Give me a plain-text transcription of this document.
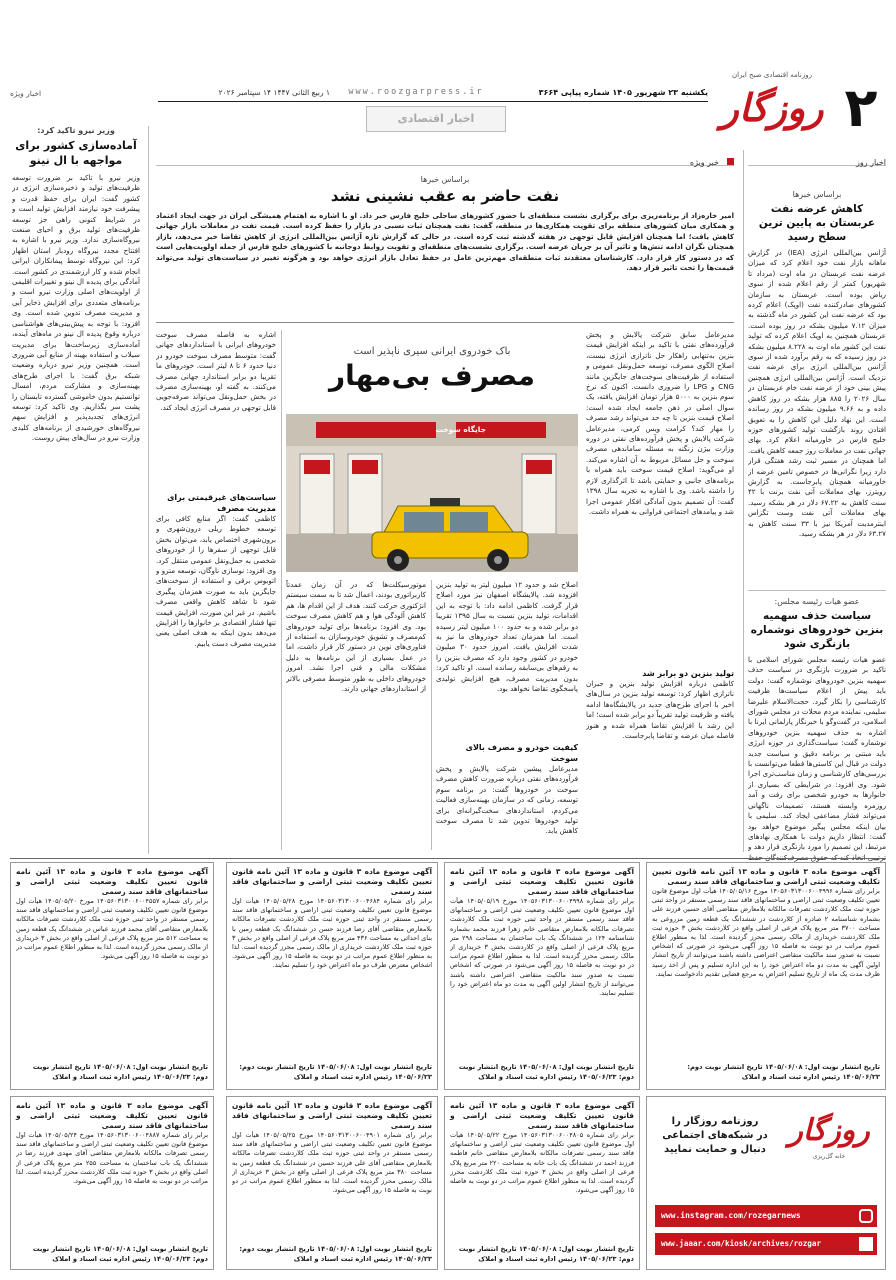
۲
روزگار
روزنامه اقتصادی صبح ایران
یکشنبه ۲۳ شهریور ۱۴۰۵ شماره پیاپی ۳۶۶۴
www.roozgarpress.ir
۱ ربیع الثانی ۱۴۴۷ ۱۴ سپتامبر ۲۰۲۶
اخبار اقتصادی
اخبار ویژه
اخبار روز
براساس خبرها
کاهش عرضه نفت عربستان به پایین ترین سطح رسید
آژانس بین‌المللی انرژی (IEA) در گزارش ماهانه بازار نفت خود اعلام کرد که میزان عرضه نفت عربستان در ماه اوت (مرداد تا شهریور) کمتر از رقم اعلام شده از سوی ریاض بوده است. عربستان به سازمان کشورهای صادرکننده نفت (اوپک) اعلام کرده بود که عرضه نفت این کشور در ماه گذشته به میزان ۷.۱۲ میلیون بشکه در روز بوده است. عربستان همچنین به اوپک اعلام کرده که تولید نفت این کشور ماه اوت به ۸.۲۲۸ میلیون بشکه در روز رسیده که به رقم برآورد شده از سوی آژانس بین‌المللی انرژی برای عرضه نفت نزدیک است. آژانس بین‌المللی انرژی همچنین پیش بینی خود از عرضه نفت خام عربستان در سال ۲۰۲۶ را ۸۸۵ هزار بشکه در روز کاهش داده و به ۹.۶۶ میلیون بشکه در روز رسانده است. این نهاد دلیل این کاهش را به تعویق افتادن روند بازگشت تولید کشورهای حوزه خلیج فارس در خاورمیانه اعلام کرد. بهای جهانی نفت در معاملات روز جمعه کاهش یافت. اما همچنان در مسیر ثبت رشد هفتگی قرار دارد زیرا نگرانی‌ها در خصوص تامین عرضه از خاورمیانه همچنان پابرجاست. به گزارش رویترز، بهای معاملات آتی نفت برنت با ۴۲ سنت کاهش به ۶۷.۲۲ دلار در هر بشکه رسید. بهای معاملات آتی نفت وست تگزاس اینترمدیت آمریکا نیز با ۳۳ سنت کاهش به ۶۳.۲۷ دلار در هر بشکه رسید.
عضو هیات رئیسه مجلس:
سیاست حذف سهمیه بنزین خودروهای نوشماره بازنگری شود
عضو هیات رئیسه مجلس شورای اسلامی با تاکید بر ضرورت بازنگری در سیاست حذف سهمیه بنزین خودروهای نوشماره گفت: دولت باید پیش از اعلام سیاست‌ها ظرفیت کارشناسی را بکار گیرد. حجت‌الاسلام علیرضا سلیمی، نماینده مردم محلات در مجلس شورای اسلامی، در گفت‌وگو با خبرنگار پارلمانی ایرنا با اشاره به حذف سهمیه بنزین خودروهای نوشماره گفت: سیاست‌گذاری در حوزه انرژی باید مبتنی بر برنامه دقیق و سیاست جدید دولت در قبال این کاستی‌ها قطعا می‌توانست با بررسی‌های کارشناسی و زمان مناسب‌تری اجرا شود. وی افزود: در شرایطی که بسیاری از خانوارها به خودرو شخصی برای رفت و آمد روزمره وابسته هستند، تصمیمات ناگهانی می‌تواند فشار مضاعفی ایجاد کند. سلیمی با بیان اینکه مجلس پیگیر موضوع خواهد بود گفت: انتظار داریم دولت با همکاری نهادهای مرتبط، این تصمیم را مورد بازنگری قرار دهد و
وزیر نیرو تاکید کرد:
آماده‌سازی کشور برای مواجهه با ال نینو
وزیر نیرو با تاکید بر ضرورت توسعه ظرفیت‌های تولید و ذخیره‌سازی انرژی در کشور گفت: ایران برای حفظ قدرت و پیشرفت خود نیازمند افزایش تولید است و در شرایط کنونی راهی جز توسعه ظرفیت‌های تولید برق و احیای صنعت نیروگاه‌سازی ندارد. وزیر نیرو با اشاره به افتتاح مجدد نیروگاه رودبار استان اظهار کرد: این نیروگاه توسط پیمانکاران ایرانی انجام شده و کار ارزشمندی در کشور است. آمادگی برای پدیده ال نینو و تغییرات اقلیمی از اولویت‌های اصلی وزارت نیرو است و برنامه‌های متعددی برای افزایش ذخایر آبی و مدیریت مصرف تدوین شده است. وی افزود: با توجه به پیش‌بینی‌های هواشناسی درباره وقوع پدیده ال نینو در ماه‌های آینده، آماده‌سازی زیرساخت‌ها برای مدیریت سیلاب و استفاده بهینه از منابع آبی ضروری است. همچنین وزیر نیرو درباره وضعیت شبکه برق گفت: با اجرای طرح‌های بهینه‌سازی و مشارکت مردم، امسال توانستیم بدون خاموشی گسترده تابستان را پشت سر بگذاریم. وی تاکید کرد: توسعه انرژی‌های تجدیدپذیر و افزایش سهم نیروگاه‌های خورشیدی از برنامه‌های کلیدی وزارت نیرو در سال‌های پیش روست.
خبر ویژه
براساس خبرها
نفت حاضر به عقب نشینی نشد
امیر خاره‌زاد از برنامه‌ریزی برای برگزاری نشست منطقه‌ای با حضور کشورهای ساحلی خلیج فارس خبر داد. او با اشاره به اهتمام همیشگی ایران در جهت ایجاد اعتماد و همکاری میان کشورهای منطقه برای تقویت همکاری‌ها در منطقه، گفت: نفت همچنان ثبات نسبی در بازار را حفظ کرده است. قیمت نفت در معاملات بازار جهانی کاهش یافت؛ اما همچنان افزایش قابل توجهی در هفته گذشته ثبت کرده است. در حالی که گزارش تازه آژانس بین‌المللی انرژی از کاهش تقاضا خبر می‌دهد، بازار همچنان نگران ادامه تنش‌ها و تاثیر آن بر جریان عرضه است. برگزاری نشست‌های منطقه‌ای و تقویت روابط دوجانبه با کشورهای خلیج فارس از جمله اولویت‌هایی است که در دستور کار قرار دارد. کارشناسان معتقدند ثبات منطقه‌ای مهم‌ترین عامل در حفظ تعادل بازار انرژی خواهد بود و هرگونه تغییر در سیاست‌های تولید می‌تواند قیمت‌ها را تحت تاثیر قرار دهد.
مدیرعامل سابق شرکت پالایش و پخش فرآورده‌های نفتی با تاکید بر اینکه افزایش قیمت بنزین به‌تنهایی راهکار حل ناترازی انرژی نیست، اصلاح الگوی مصرف، توسعه حمل‌ونقل عمومی و استفاده از ظرفیت‌های سوخت‌های جایگزین مانند CNG و LPG را ضروری دانست. اکنون که نرخ سوم بنزین به ۵۰۰۰ هزار تومان افزایش یافته، یک سوال اصلی در ذهن جامعه ایجاد شده است: اصلاح قیمت بنزین تا چه حد می‌تواند رشد مصرف را مهار کند؟ کرامت ویس کرمی، مدیرعامل شرکت پالایش و پخش فرآورده‌های نفتی در دوره وزارت بیژن زنگنه به مسئله ساماندهی مصرف سوخت و حل مسائل مربوط به آن اشاره می‌کند. او می‌گوید: اصلاح قیمت سوخت باید همراه با برنامه‌های جانبی و حمایتی باشد تا اثرگذاری لازم را داشته باشد. وی با اشاره به تجربه سال ۱۳۹۸ گفت: آن تصمیم بدون آمادگی افکار عمومی اجرا شد و پیامدهای اجتماعی فراوانی به همراه داشت.
تولید بنزین دو برابر شد
کاظمی درباره افزایش تولید بنزین و جبران ناترازی اظهار کرد: توسعه تولید بنزین در سال‌های اخیر با اجرای طرح‌های جدید در پالایشگاه‌ها ادامه یافته و ظرفیت تولید تقریباً دو برابر شده است؛ اما این رشد با افزایش تقاضا همراه شده و هنوز فاصله میان عرضه و تقاضا پابرجاست.
باک خودروی ایرانی سیری ناپذیر است
مصرف بی‌مهار
جایگاه سوخت
اصلاح شد و حدود ۱۲ میلیون لیتر به تولید بنزین افزوده شد. پالایشگاه اصفهان نیز مورد اصلاح قرار گرفت. کاظمی ادامه داد: با توجه به این اقدامات، تولید بنزین نسبت به سال ۱۳۹۵ تقریبا دو برابر شده و به حدود ۱۰۰ میلیون لیتر رسیده است. اما همزمان تعداد خودروهای ما نیز به شدت افزایش یافت. امروز حدود ۳۰ میلیون خودرو در کشور وجود دارد که مصرف بنزین را به رقم‌های بی‌سابقه رسانده است. او تاکید کرد: بدون مدیریت مصرف، هیچ افزایش تولیدی پاسخگوی تقاضا نخواهد بود.
کیفیت خودرو و مصرف بالای سوخت
مدیرعامل پیشین شرکت پالایش و پخش فرآورده‌های نفتی درباره ضرورت کاهش مصرف سوخت در خودروها گفت: در برنامه سوم توسعه، زمانی که در سازمان بهینه‌سازی فعالیت می‌کردم، استانداردهای سخت‌گیرانه‌ای برای تولید خودروها تدوین شد تا مصرف سوخت کاهش یابد.
موتورسیکلت‌ها که در آن زمان عمدتاً کاربراتوری بودند، اعمال شد تا به سمت سیستم انژکتوری حرکت کنند. هدف از این اقدام ها، هم کاهش آلودگی هوا و هم کاهش مصرف سوخت بود. وی افزود: برنامه‌ها برای تولید خودروهای کم‌مصرف و تشویق خودروسازان به استفاده از فناوری‌های نوین در دستور کار قرار داشت، اما در عمل بسیاری از این برنامه‌ها به دلیل مشکلات مالی و فنی اجرا نشد. امروز خودروهای داخلی به طور متوسط مصرفی بالاتر از استانداردهای جهانی دارند.
اشاره به فاصله مصرف سوخت خودروهای ایرانی با استانداردهای جهانی گفت: متوسط مصرف سوخت خودرو در دنیا حدود ۶ تا ۸ لیتر است. خودروهای ما تقریبا دو برابر استاندارد جهانی مصرف می‌کنند. به گفته او، بهینه‌سازی مصرف در بخش حمل‌ونقل می‌تواند صرفه‌جویی قابل توجهی در مصرف انرژی ایجاد کند.
سیاست‌های غیرقیمتی برای مدیریت مصرف
کاظمی گفت: اگر منابع کافی برای توسعه خطوط ریلی درون‌شهری و برون‌شهری اختصاص یابد، می‌توان بخش قابل توجهی از سفرها را از خودروهای شخصی به حمل‌ونقل عمومی منتقل کرد. وی افزود: نوسازی ناوگان، توسعه مترو و اتوبوس برقی و استفاده از سوخت‌های جایگزین باید به صورت همزمان پیگیری شود تا شاهد کاهش واقعی مصرف باشیم. در غیر این صورت، افزایش قیمت تنها فشار اقتصادی بر خانوارها را افزایش می‌دهد بدون اینکه به هدف اصلی یعنی مدیریت مصرف دست یابیم.
آگهی موضوع ماده ۳ قانون و ماده ۱۳ آئین نامه قانون تعیین تکلیف وضعیت ثبتی اراضی و ساختمانهای فاقد سند رسمی
برابر رای شماره ۱۴۰۵۶۰۳۱۳۰۰۶۰۰۴۹۹۶ مورخ ۱۴۰۵/۰۵/۱۶ هیأت اول موضوع قانون تعیین تکلیف وضعیت ثبتی اراضی و ساختمانهای فاقد سند رسمی مستقر در واحد ثبتی حوزه ثبت ملک کلاردشت تصرفات مالکانه بلامعارض متقاضی آقای حسین فرزند علی بشماره شناسنامه ۲ صادره از کلاردشت در ششدانگ یک قطعه زمین مزروعی به مساحت ۳۷۰۰ متر مربع پلاک فرعی از اصلی واقع در کلاردشت بخش ۳ حوزه ثبت ملک کلاردشت خریداری از مالک رسمی محرز گردیده است. لذا به منظور اطلاع عموم مراتب در دو نوبت به فاصله ۱۵ روز آگهی می‌شود در صورتی که اشخاص نسبت به صدور سند مالکیت متقاضی اعتراضی داشته باشند می‌توانند از تاریخ انتشار اولین آگهی به مدت دو ماه اعتراض خود را به این اداره تسلیم و پس از اخذ رسید ظرف مدت یک ماه از تاریخ تسلیم اعتراض به مرجع قضایی تقدیم دادخواست نمایند.
تاریخ انتشار نوبت اول: ۱۴۰۵/۰۶/۰۸ تاریخ انتشار نوبت دوم: ۱۴۰۵/۰۶/۲۳ رئیس اداره ثبت اسناد و املاک
آگهی موضوع ماده ۳ قانون و ماده ۱۳ آئین نامه قانون تعیین تکلیف وضعیت ثبتی اراضی و ساختمانهای فاقد سند رسمی
برابر رای شماره ۱۴۰۵۶۰۳۱۳۰۰۶۰۰۴۹۹۸ مورخ ۱۴۰۵/۰۵/۱۹ هیأت اول موضوع قانون تعیین تکلیف وضعیت ثبتی اراضی و ساختمانهای فاقد سند رسمی مستقر در واحد ثبتی حوزه ثبت ملک کلاردشت تصرفات مالکانه بلامعارض متقاضی خانم زهرا فرزند محمد بشماره شناسنامه ۱۲۴ در ششدانگ یک باب ساختمان به مساحت ۲۹۸ متر مربع پلاک فرعی از اصلی واقع در کلاردشت بخش ۳ خریداری از مالک رسمی محرز گردیده است. لذا به منظور اطلاع عموم مراتب در دو نوبت به فاصله ۱۵ روز آگهی می‌شود در صورتی که اشخاص نسبت به صدور سند مالکیت متقاضی اعتراضی داشته باشند می‌توانند از تاریخ انتشار اولین آگهی به مدت دو ماه اعتراض خود را تسلیم نمایند.
تاریخ انتشار نوبت اول: ۱۴۰۵/۰۶/۰۸ تاریخ انتشار نوبت دوم: ۱۴۰۵/۰۶/۲۳ رئیس اداره ثبت اسناد و املاک
آگهی موضوع ماده ۳ قانون و ماده ۱۳ آئین نامه قانون تعیین تکلیف وضعیت ثبتی اراضی و ساختمانهای فاقد سند رسمی
برابر رای شماره ۱۴۰۵۶۰۳۱۳۰۰۶۰۰۴۶۸۴ مورخ ۱۴۰۵/۰۵/۲۸ هیأت اول موضوع قانون تعیین تکلیف وضعیت ثبتی اراضی و ساختمانهای فاقد سند رسمی مستقر در واحد ثبتی حوزه ثبت ملک کلاردشت تصرفات مالکانه بلامعارض متقاضی آقای رضا فرزند حسن در ششدانگ یک قطعه زمین با بنای احداثی به مساحت ۴۳۶ متر مربع پلاک فرعی از اصلی واقع در بخش ۳ حوزه ثبت ملک کلاردشت خریداری از مالک رسمی محرز گردیده است. لذا به منظور اطلاع عموم مراتب در دو نوبت به فاصله ۱۵ روز آگهی می‌شود. اشخاص معترض ظرف دو ماه اعتراض خود را تسلیم نمایند.
تاریخ انتشار نوبت اول: ۱۴۰۵/۰۶/۰۸ تاریخ انتشار نوبت دوم: ۱۴۰۵/۰۶/۲۳ رئیس اداره ثبت اسناد و املاک
آگهی موضوع ماده ۳ قانون و ماده ۱۳ آئین نامه قانون تعیین تکلیف وضعیت ثبتی اراضی و ساختمانهای فاقد سند رسمی
برابر رای شماره ۱۴۰۵۶۰۳۱۳۰۰۶۰۰۴۵۵۷ مورخ ۱۴۰۵/۰۵/۲۰ هیأت اول موضوع قانون تعیین تکلیف وضعیت ثبتی اراضی و ساختمانهای فاقد سند رسمی مستقر در واحد ثبتی حوزه ثبت ملک کلاردشت تصرفات مالکانه بلامعارض متقاضی آقای محمد فرزند عباس در ششدانگ یک قطعه زمین به مساحت ۵۱۲ متر مربع پلاک فرعی از اصلی واقع در بخش ۳ خریداری از مالک رسمی محرز گردیده است. لذا به منظور اطلاع عموم مراتب در دو نوبت به فاصله ۱۵ روز آگهی می‌شود.
تاریخ انتشار نوبت اول: ۱۴۰۵/۰۶/۰۸ تاریخ انتشار نوبت دوم: ۱۴۰۵/۰۶/۲۳ رئیس اداره ثبت اسناد و املاک
آگهی موضوع ماده ۳ قانون و ماده ۱۳ آئین نامه قانون تعیین تکلیف وضعیت ثبتی اراضی و ساختمانهای فاقد سند رسمی
برابر رای شماره ۱۴۰۵۶۰۳۱۳۰۰۶۰۰۴۸۰۵ مورخ ۱۴۰۵/۰۵/۲۲ هیأت اول موضوع قانون تعیین تکلیف وضعیت ثبتی اراضی و ساختمانهای فاقد سند رسمی تصرفات مالکانه بلامعارض متقاضی خانم فاطمه فرزند احمد در ششدانگ یک باب خانه به مساحت ۲۲۰ متر مربع پلاک فرعی از اصلی واقع در بخش ۳ حوزه ثبت ملک کلاردشت محرز گردیده است. لذا به منظور اطلاع عموم مراتب در دو نوبت به فاصله ۱۵ روز آگهی می‌شود.
تاریخ انتشار نوبت اول: ۱۴۰۵/۰۶/۰۸ تاریخ انتشار نوبت دوم: ۱۴۰۵/۰۶/۲۳ رئیس اداره ثبت اسناد و املاک
آگهی موضوع ماده ۳ قانون و ماده ۱۳ آئین نامه قانون تعیین تکلیف وضعیت ثبتی اراضی و ساختمانهای فاقد سند رسمی
برابر رای شماره ۱۴۰۵۶۰۳۱۳۰۰۶۰۰۴۹۰۱ مورخ ۱۴۰۵/۰۵/۲۵ هیأت اول موضوع قانون تعیین تکلیف وضعیت ثبتی اراضی و ساختمانهای فاقد سند رسمی مستقر در واحد ثبتی حوزه ثبت ملک کلاردشت تصرفات مالکانه بلامعارض متقاضی آقای علی فرزند حسین در ششدانگ یک قطعه زمین به مساحت ۳۸۰ متر مربع پلاک فرعی از اصلی واقع در بخش ۳ خریداری از مالک رسمی محرز گردیده است. لذا به منظور اطلاع عموم مراتب در دو نوبت به فاصله ۱۵ روز آگهی می‌شود.
تاریخ انتشار نوبت اول: ۱۴۰۵/۰۶/۰۸ تاریخ انتشار نوبت دوم: ۱۴۰۵/۰۶/۲۳ رئیس اداره ثبت اسناد و املاک
آگهی موضوع ماده ۳ قانون و ماده ۱۳ آئین نامه قانون تعیین تکلیف وضعیت ثبتی اراضی و ساختمانهای فاقد سند رسمی
برابر رای شماره ۱۴۰۵۶۰۳۱۳۰۰۶۰۰۴۸۸۷ مورخ ۱۴۰۵/۰۵/۲۴ هیأت اول موضوع قانون تعیین تکلیف وضعیت ثبتی اراضی و ساختمانهای فاقد سند رسمی تصرفات مالکانه بلامعارض متقاضی آقای مهدی فرزند رضا در ششدانگ یک باب ساختمان به مساحت ۲۵۵ متر مربع پلاک فرعی از اصلی واقع در بخش ۳ حوزه ثبت ملک کلاردشت محرز گردیده است. لذا مراتب در دو نوبت به فاصله ۱۵ روز آگهی می‌شود.
تاریخ انتشار نوبت اول: ۱۴۰۵/۰۶/۰۸ تاریخ انتشار نوبت دوم: ۱۴۰۵/۰۶/۲۳ رئیس اداره ثبت اسناد و املاک
روزگار
خانه گل‌ریزی
روزنامه روزگار را
در شبکه‌های اجتماعی
دنبال و حمایت نمایید
www.instagram.com/rozegarnews
www.jaaar.com/kiosk/archives/rozgar
